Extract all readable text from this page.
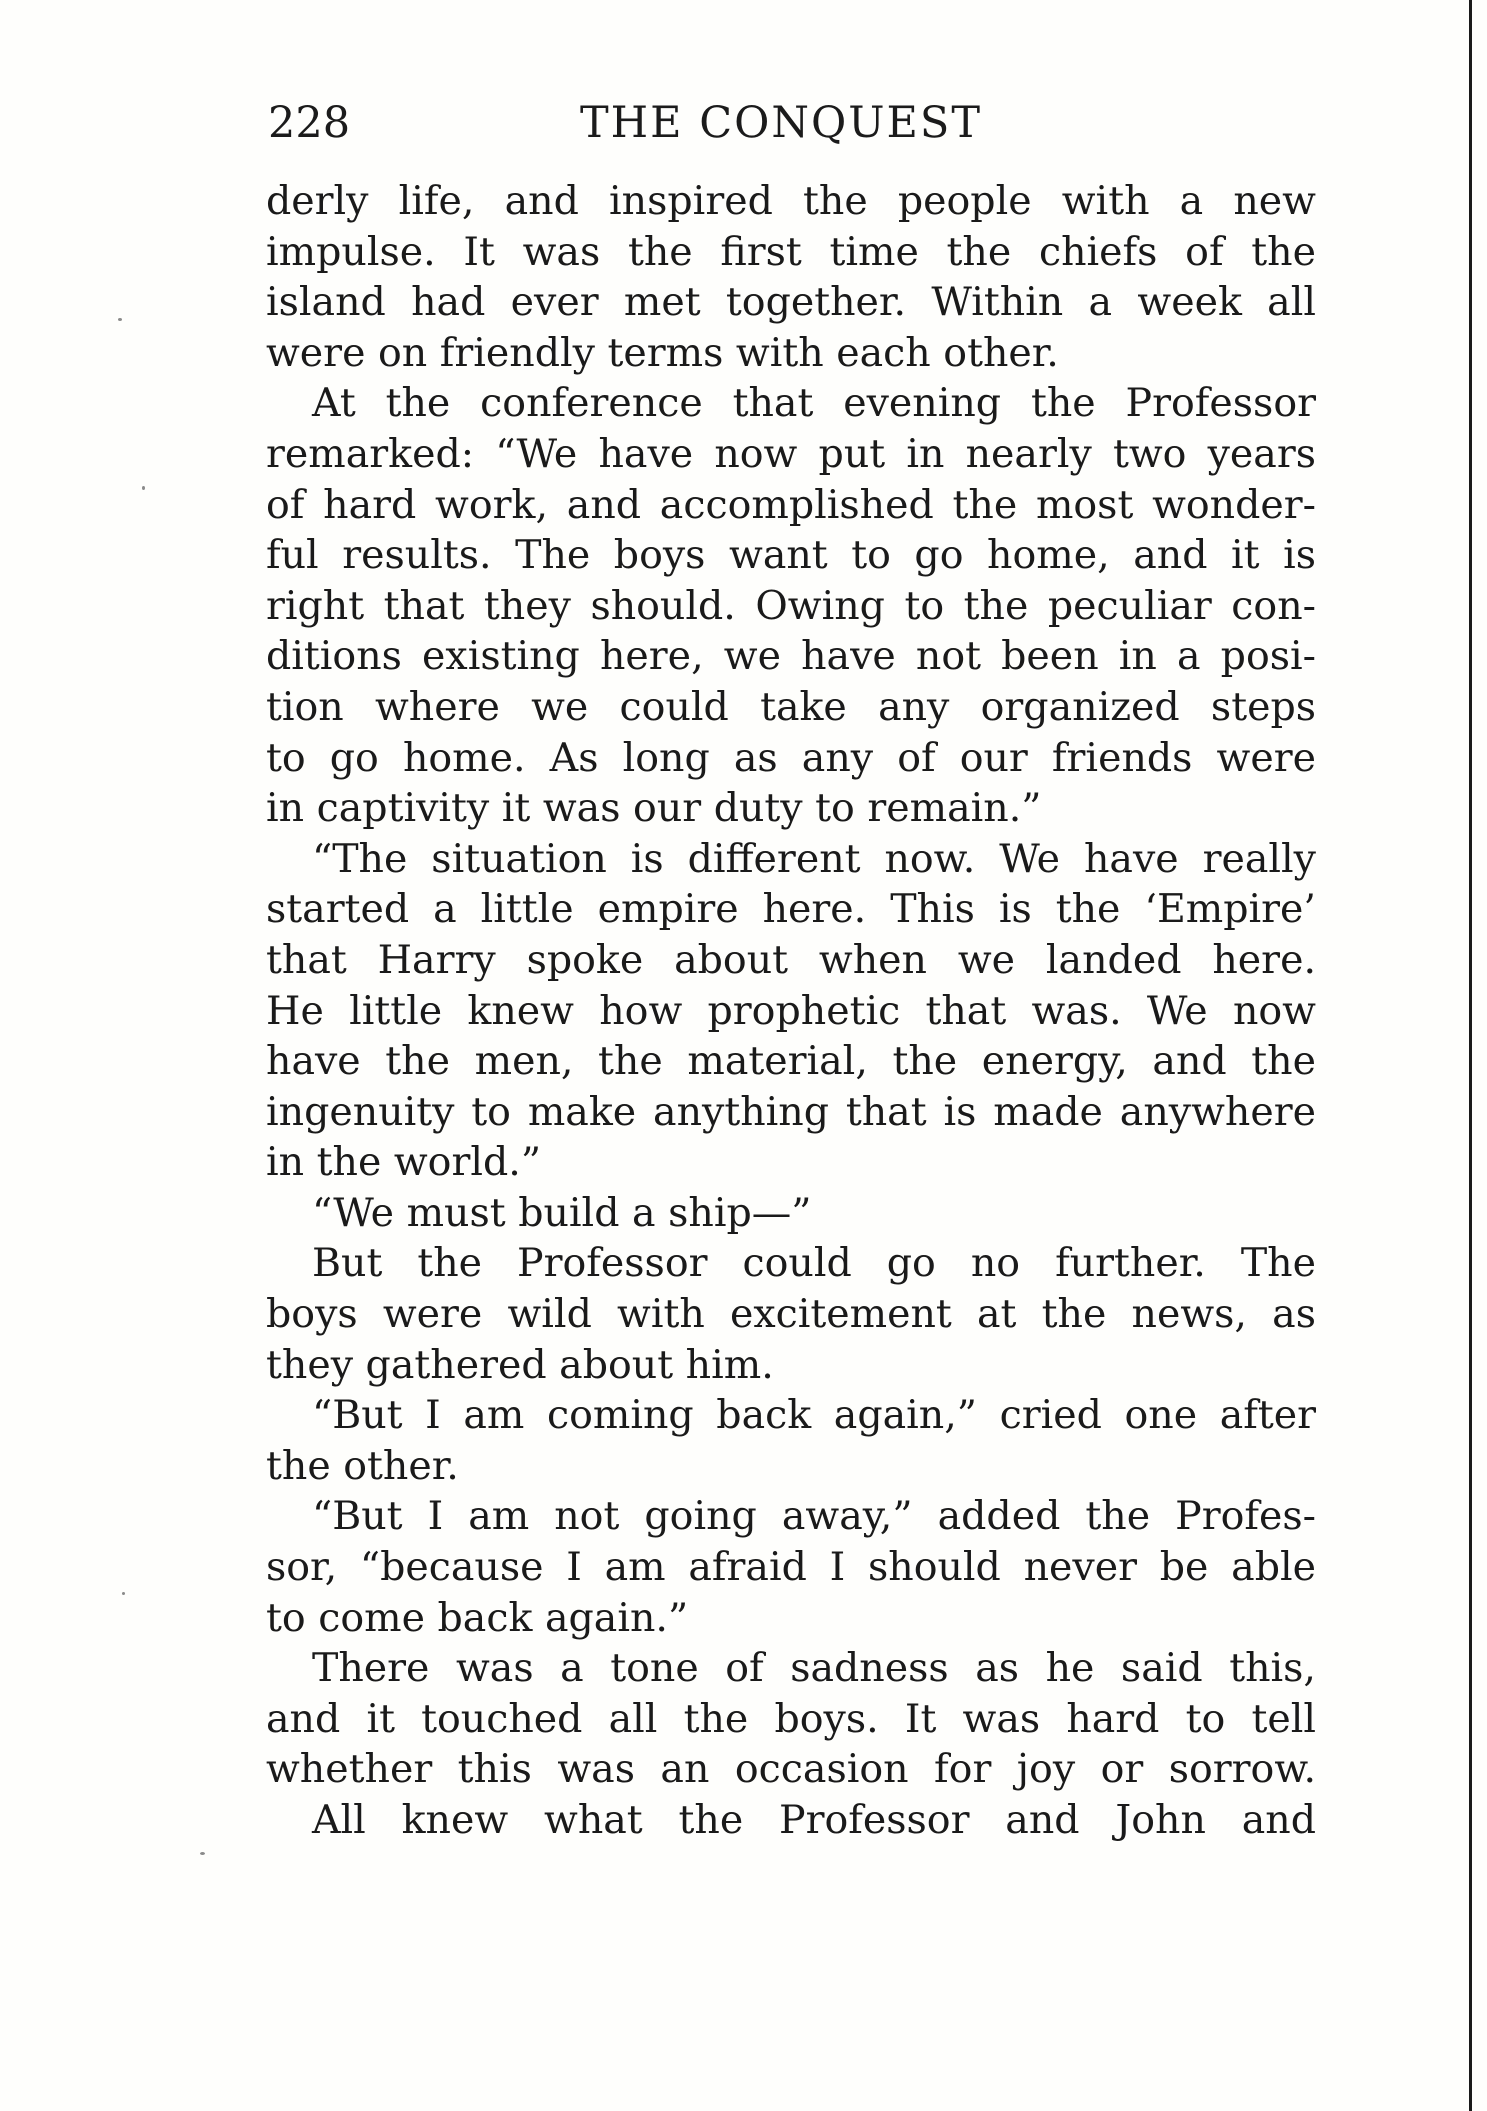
228	THE CONQUEST
derly life, and inspired the people with a new
impulse. It was the first time the chiefs of the
island had ever met together. Within a week all
were on friendly terms with each other.
At the conference that evening the Professor
remarked: “We have now put in nearly two years
of hard work, and accomplished the most wonder-
ful results. The boys want to go home, and it is
right that they should. Owing to the peculiar con-
ditions existing here, we have not been in a posi-
tion where we could take any organized steps
to go home. As long as any of our friends were
in captivity it was our duty to remain.”
“The situation is different now. We have really
started a little empire here. This is the ‘Empire’
that Harry spoke about when we landed here.
He little knew how prophetic that was. We now
have the men, the material, the energy, and the
ingenuity to make anything that is made anywhere
in the world.”
“We must build a ship—”
But the Professor could go no further. The
boys were wild with excitement at the news, as
they gathered about him.
“But I am coming back again,” cried one after
the other.
“But I am not going away,” added the Profes-
sor, “because I am afraid I should never be able
to come back again.”
There was a tone of sadness as he said this,
and it touched all the boys. It was hard to tell
whether this was an occasion for joy or sorrow.
All knew what the Professor and John and
